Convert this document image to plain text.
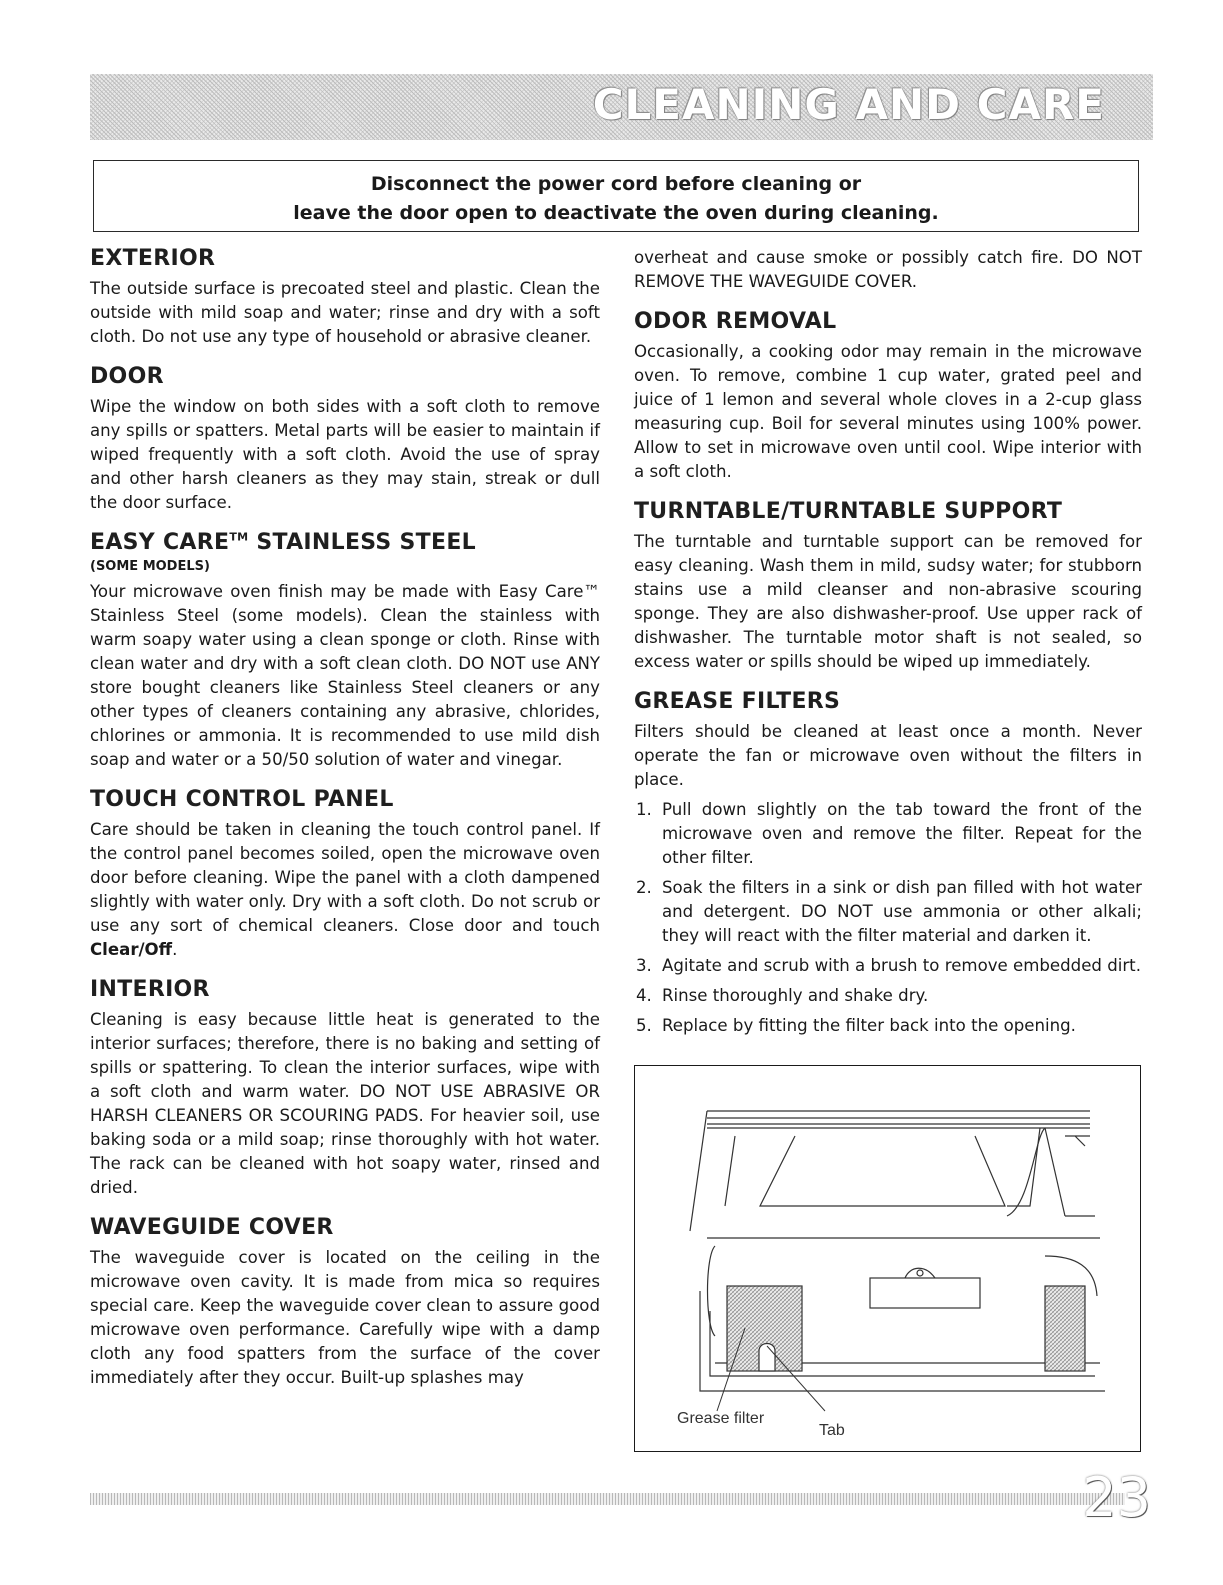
CLEANING AND CARE
Disconnect the power cord before cleaning or
leave the door open to deactivate the oven during cleaning.
EXTERIOR

The outside surface is precoated steel and plastic. Clean the outside with mild soap and water; rinse and dry with a soft cloth. Do not use any type of household or abrasive cleaner.

DOOR

Wipe the window on both sides with a soft cloth to remove any spills or spatters. Metal parts will be easier to maintain if wiped frequently with a soft cloth. Avoid the use of spray and other harsh cleaners as they may stain, streak or dull the door surface.

EASY CARE™ STAINLESS STEEL
(SOME MODELS)

Your microwave oven finish may be made with Easy Care™ Stainless Steel (some models). Clean the stainless with warm soapy water using a clean sponge or cloth. Rinse with clean water and dry with a soft clean cloth. DO NOT use ANY store bought cleaners like Stainless Steel cleaners or any other types of cleaners containing any abrasive, chlorides, chlorines or ammonia. It is recommended to use mild dish soap and water or a 50/50 solution of water and vinegar.

TOUCH CONTROL PANEL

Care should be taken in cleaning the touch control panel. If the control panel becomes soiled, open the microwave oven door before cleaning. Wipe the panel with a cloth dampened slightly with water only. Dry with a soft cloth. Do not scrub or use any sort of chemical cleaners. Close door and touch Clear/Off.

INTERIOR

Cleaning is easy because little heat is generated to the interior surfaces; therefore, there is no baking and setting of spills or spattering. To clean the interior surfaces, wipe with a soft cloth and warm water. DO NOT USE ABRASIVE OR HARSH CLEANERS OR SCOURING PADS. For heavier soil, use baking soda or a mild soap; rinse thoroughly with hot water. The rack can be cleaned with hot soapy water, rinsed and dried.

WAVEGUIDE COVER

The waveguide cover is located on the ceiling in the microwave oven cavity. It is made from mica so requires special care. Keep the waveguide cover clean to assure good microwave oven performance. Carefully wipe with a damp cloth any food spatters from the surface of the cover immediately after they occur. Built-up splashes may

overheat and cause smoke or possibly catch fire. DO NOT REMOVE THE WAVEGUIDE COVER.

ODOR REMOVAL

Occasionally, a cooking odor may remain in the microwave oven. To remove, combine 1 cup water, grated peel and juice of 1 lemon and several whole cloves in a 2-cup glass measuring cup. Boil for several minutes using 100% power. Allow to set in microwave oven until cool. Wipe interior with a soft cloth.

TURNTABLE/TURNTABLE SUPPORT

The turntable and turntable support can be removed for easy cleaning. Wash them in mild, sudsy water; for stubborn stains use a mild cleanser and non-abrasive scouring sponge. They are also dishwasher-proof. Use upper rack of dishwasher. The turntable motor shaft is not sealed, so excess water or spills should be wiped up immediately.

GREASE FILTERS

Filters should be cleaned at least once a month. Never operate the fan or microwave oven without the filters in place.

1. Pull down slightly on the tab toward the front of the microwave oven and remove the filter. Repeat for the other filter.
2. Soak the filters in a sink or dish pan filled with hot water and detergent. DO NOT use ammonia or other alkali; they will react with the filter material and darken it.
3. Agitate and scrub with a brush to remove embedded dirt.
4. Rinse thoroughly and shake dry.
5. Replace by fitting the filter back into the opening.
Grease filter
Tab
23
